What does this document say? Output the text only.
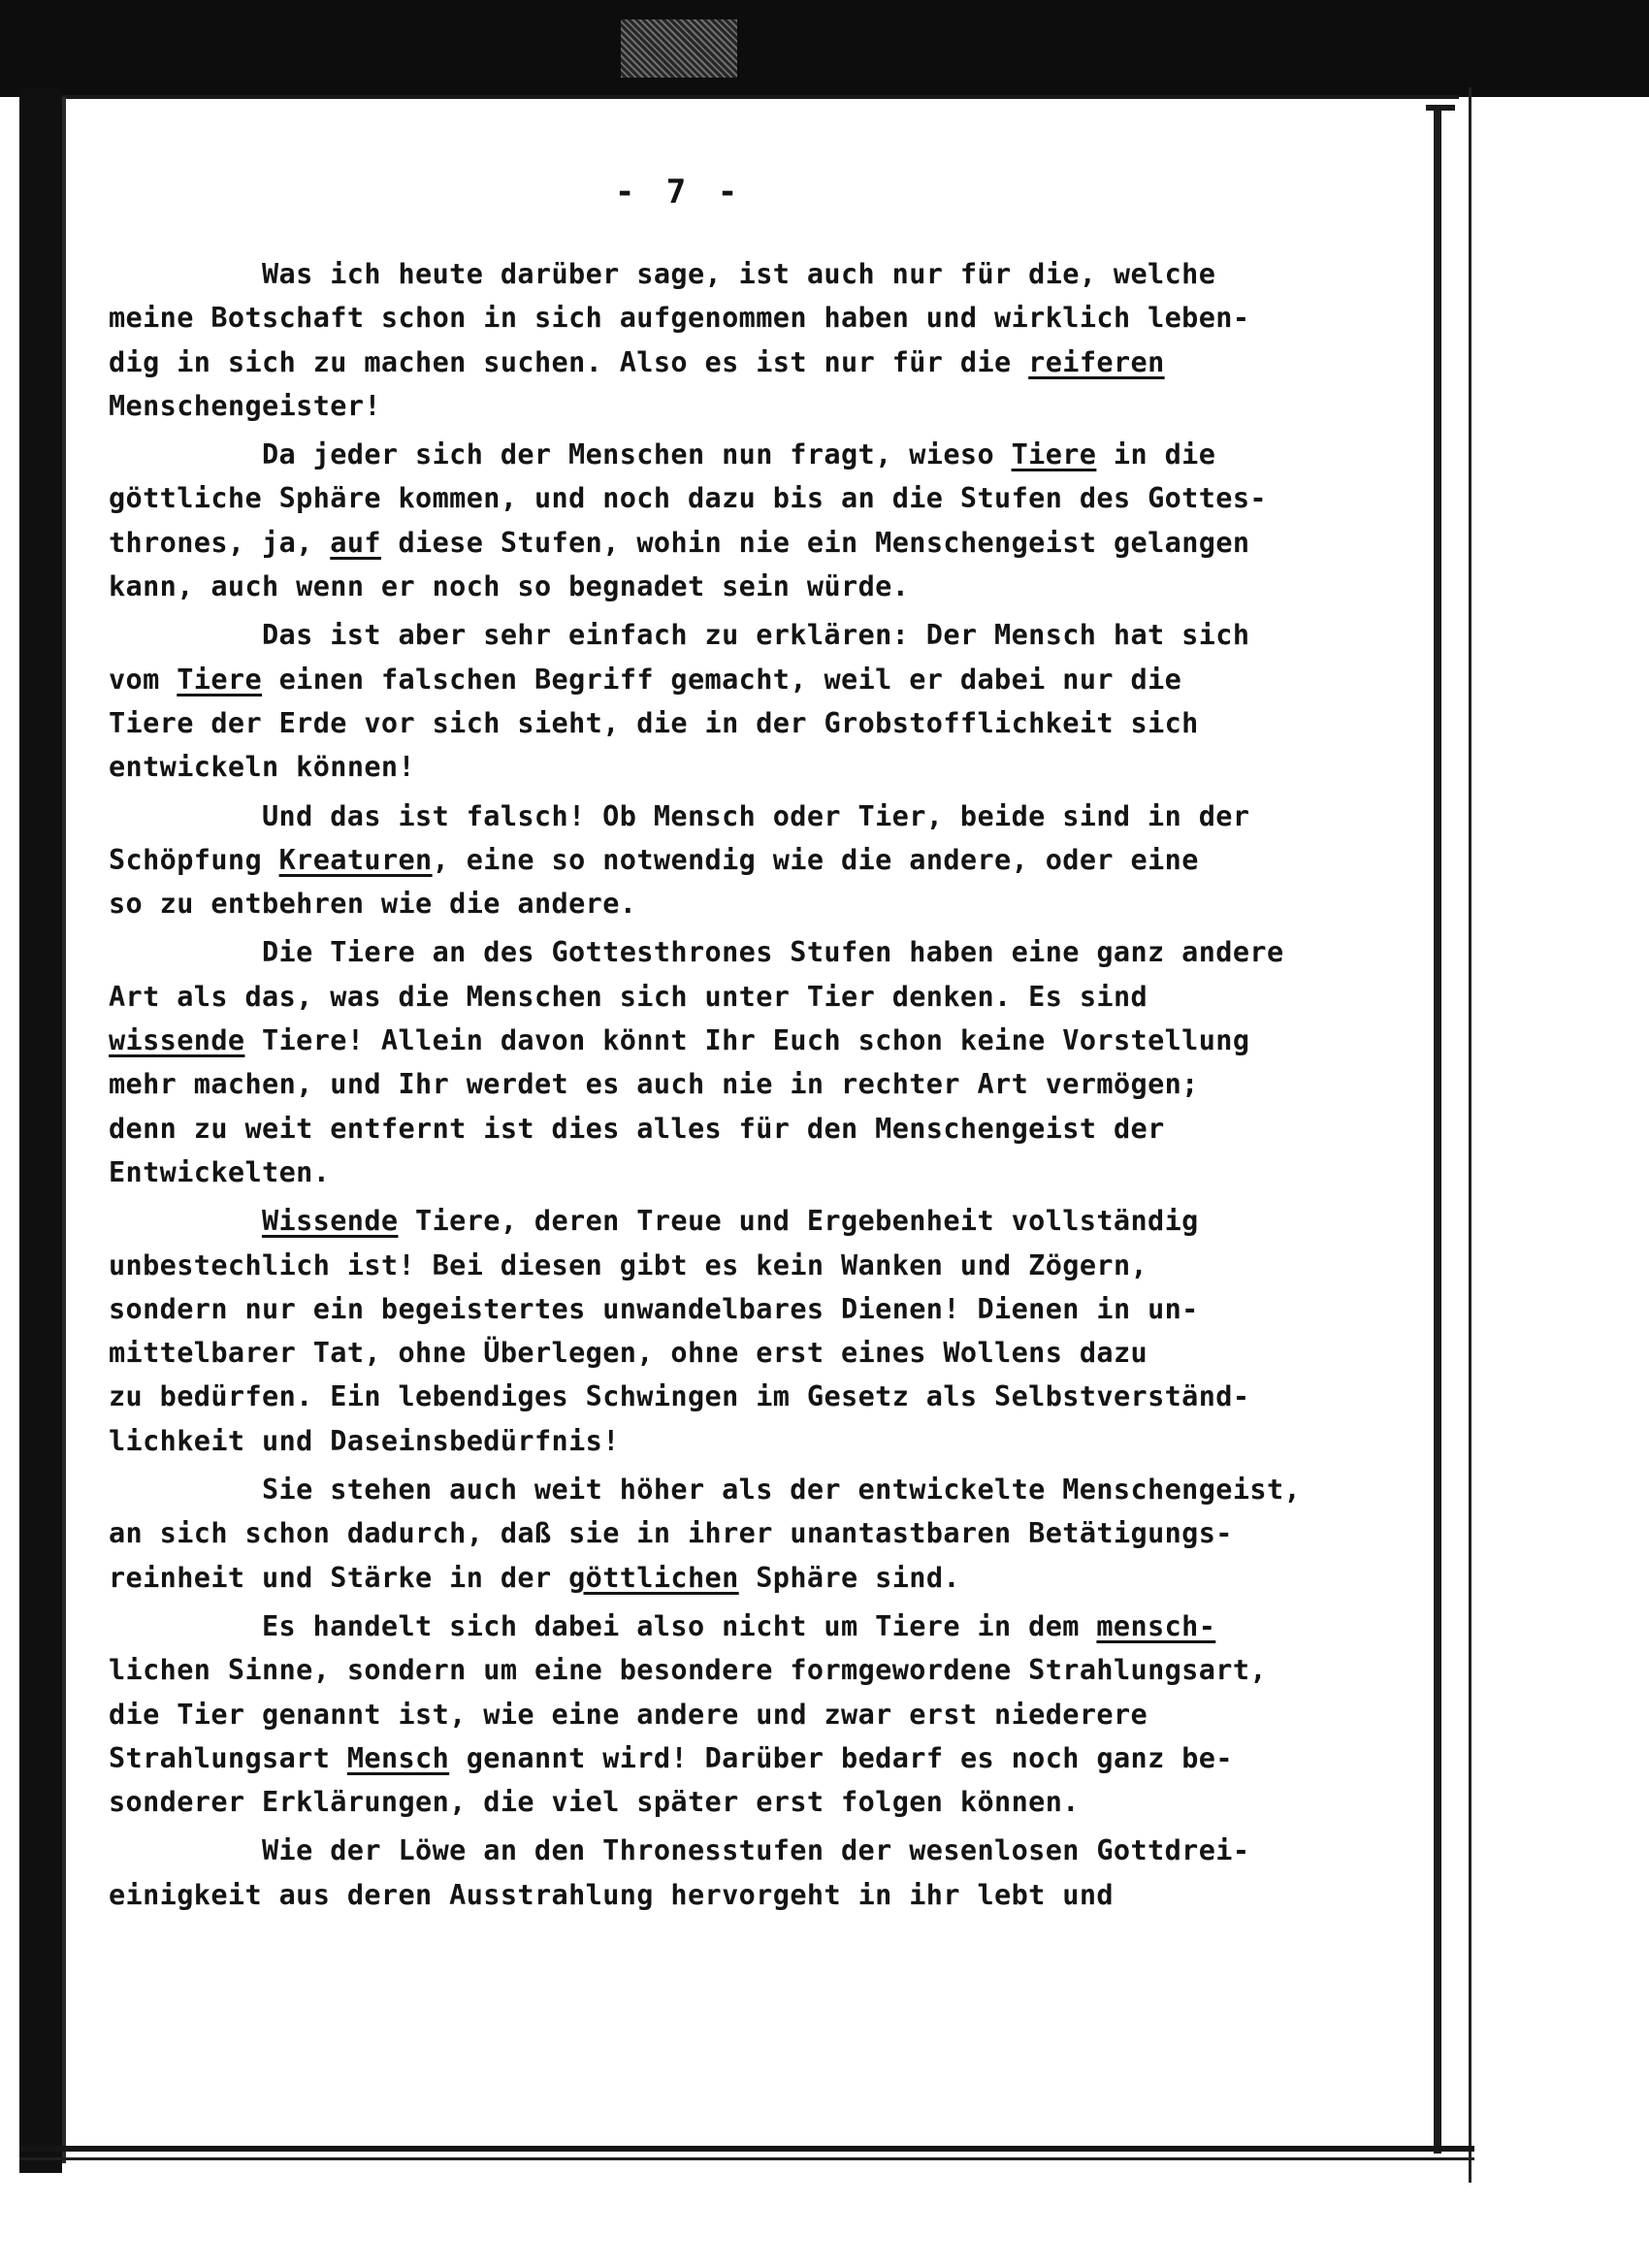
- 7 -
Was ich heute darüber sage, ist auch nur für die, welche
meine Botschaft schon in sich aufgenommen haben und wirklich leben-
dig in sich zu machen suchen. Also es ist nur für die reiferen
Menschengeister!
Da jeder sich der Menschen nun fragt, wieso Tiere in die
göttliche Sphäre kommen, und noch dazu bis an die Stufen des Gottes-
thrones, ja, auf diese Stufen, wohin nie ein Menschengeist gelangen
kann, auch wenn er noch so begnadet sein würde.
Das ist aber sehr einfach zu erklären: Der Mensch hat sich
vom Tiere einen falschen Begriff gemacht, weil er dabei nur die
Tiere der Erde vor sich sieht, die in der Grobstofflichkeit sich
entwickeln können!
Und das ist falsch! Ob Mensch oder Tier, beide sind in der
Schöpfung Kreaturen, eine so notwendig wie die andere, oder eine
so zu entbehren wie die andere.
Die Tiere an des Gottesthrones Stufen haben eine ganz andere
Art als das, was die Menschen sich unter Tier denken. Es sind
wissende Tiere! Allein davon könnt Ihr Euch schon keine Vorstellung
mehr machen, und Ihr werdet es auch nie in rechter Art vermögen;
denn zu weit entfernt ist dies alles für den Menschengeist der
Entwickelten.
Wissende Tiere, deren Treue und Ergebenheit vollständig
unbestechlich ist! Bei diesen gibt es kein Wanken und Zögern,
sondern nur ein begeistertes unwandelbares Dienen! Dienen in un-
mittelbarer Tat, ohne Überlegen, ohne erst eines Wollens dazu
zu bedürfen. Ein lebendiges Schwingen im Gesetz als Selbstverständ-
lichkeit und Daseinsbedürfnis!
Sie stehen auch weit höher als der entwickelte Menschengeist,
an sich schon dadurch, daß sie in ihrer unantastbaren Betätigungs-
reinheit und Stärke in der göttlichen Sphäre sind.
Es handelt sich dabei also nicht um Tiere in dem mensch-
lichen Sinne, sondern um eine besondere formgewordene Strahlungsart,
die Tier genannt ist, wie eine andere und zwar erst niederere
Strahlungsart Mensch genannt wird! Darüber bedarf es noch ganz be-
sonderer Erklärungen, die viel später erst folgen können.
Wie der Löwe an den Thronesstufen der wesenlosen Gottdrei-
einigkeit aus deren Ausstrahlung hervorgeht in ihr lebt und
